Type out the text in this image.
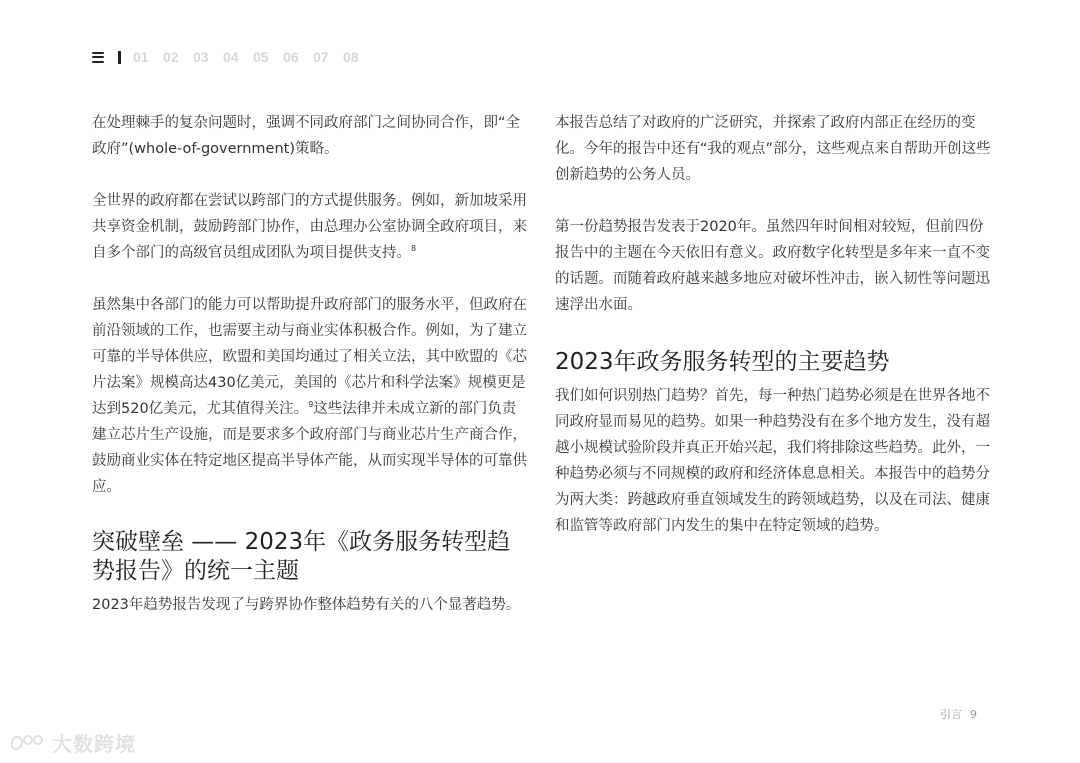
01	02	03	04	05	06	07	08

在处理棘手的复杂问题时，强调不同政府部门之间协同合作，即“全政府”(whole-of-government)策略。

全世界的政府都在尝试以跨部门的方式提供服务。例如，新加坡采用共享资金机制，鼓励跨部门协作，由总理办公室协调全政府项目，来自多个部门的高级官员组成团队为项目提供支持。$^8$

虽然集中各部门的能力可以帮助提升政府部门的服务水平，但政府在前沿领域的工作，也需要主动与商业实体积极合作。例如，为了建立可靠的半导体供应，欧盟和美国均通过了相关立法，其中欧盟的《芯片法案》规模高达430亿美元，美国的《芯片和科学法案》规模更是达到520亿美元，尤其值得关注。$^9$这些法律并未成立新的部门负责建立芯片生产设施，而是要求多个政府部门与商业芯片生产商合作，鼓励商业实体在特定地区提高半导体产能，从而实现半导体的可靠供应。

突破壁垒 —— 2023年《政务服务转型趋势报告》的统一主题

2023年趋势报告发现了与跨界协作整体趋势有关的八个显著趋势。

本报告总结了对政府的广泛研究，并探索了政府内部正在经历的变化。今年的报告中还有“我的观点”部分，这些观点来自帮助开创这些创新趋势的公务人员。

第一份趋势报告发表于2020年。虽然四年时间相对较短，但前四份报告中的主题在今天依旧有意义。政府数字化转型是多年来一直不变的话题。而随着政府越来越多地应对破坏性冲击，嵌入韧性等问题迅速浮出水面。

2023年政务服务转型的主要趋势

我们如何识别热门趋势？首先，每一种热门趋势必须是在世界各地不同政府显而易见的趋势。如果一种趋势没有在多个地方发生，没有超越小规模试验阶段并真正开始兴起，我们将排除这些趋势。此外，一种趋势必须与不同规模的政府和经济体息息相关。本报告中的趋势分为两大类：跨越政府垂直领域发生的跨领域趋势，以及在司法、健康和监管等政府部门内发生的集中在特定领域的趋势。

引言 9
大数跨境
